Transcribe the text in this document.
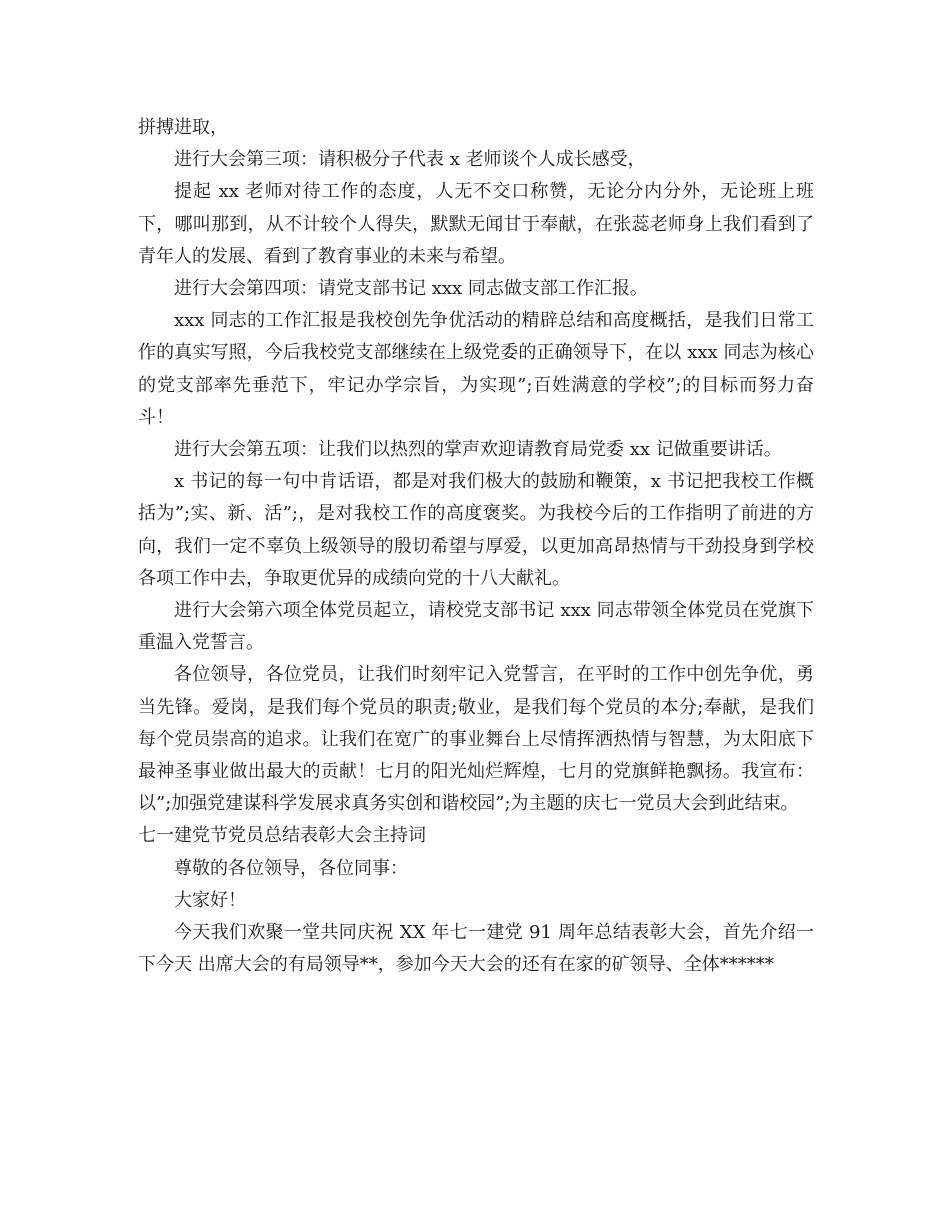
拼搏进取，

进行大会第三项：请积极分子代表 x 老师谈个人成长感受，

提起 xx 老师对待工作的态度，人无不交口称赞，无论分内分外，无论班上班下，哪叫那到，从不计较个人得失，默默无闻甘于奉献，在张蕊老师身上我们看到了青年人的发展、看到了教育事业的未来与希望。

进行大会第四项：请党支部书记 xxx 同志做支部工作汇报。

xxx 同志的工作汇报是我校创先争优活动的精辟总结和高度概括，是我们日常工作的真实写照，今后我校党支部继续在上级党委的正确领导下，在以 xxx 同志为核心的党支部率先垂范下，牢记办学宗旨，为实现”;百姓满意的学校”;的目标而努力奋斗！

进行大会第五项：让我们以热烈的掌声欢迎请教育局党委 xx 记做重要讲话。

x 书记的每一句中肯话语，都是对我们极大的鼓励和鞭策，x 书记把我校工作概括为”;实、新、活”;，是对我校工作的高度褒奖。为我校今后的工作指明了前进的方向，我们一定不辜负上级领导的殷切希望与厚爱，以更加高昂热情与干劲投身到学校各项工作中去，争取更优异的成绩向党的十八大献礼。

进行大会第六项全体党员起立，请校党支部书记 xxx 同志带领全体党员在党旗下重温入党誓言。

各位领导，各位党员，让我们时刻牢记入党誓言，在平时的工作中创先争优，勇当先锋。爱岗，是我们每个党员的职责;敬业，是我们每个党员的本分;奉献，是我们每个党员崇高的追求。让我们在宽广的事业舞台上尽情挥洒热情与智慧，为太阳底下最神圣事业做出最大的贡献！七月的阳光灿烂辉煌，七月的党旗鲜艳飘扬。我宣布：以”;加强党建谋科学发展求真务实创和谐校园”;为主题的庆七一党员大会到此结束。

七一建党节党员总结表彰大会主持词

尊敬的各位领导，各位同事：

大家好！

今天我们欢聚一堂共同庆祝 XX 年七一建党 91 周年总结表彰大会，首先介绍一下今天 出席大会的有局领导**，参加今天大会的还有在家的矿领导、全体******
